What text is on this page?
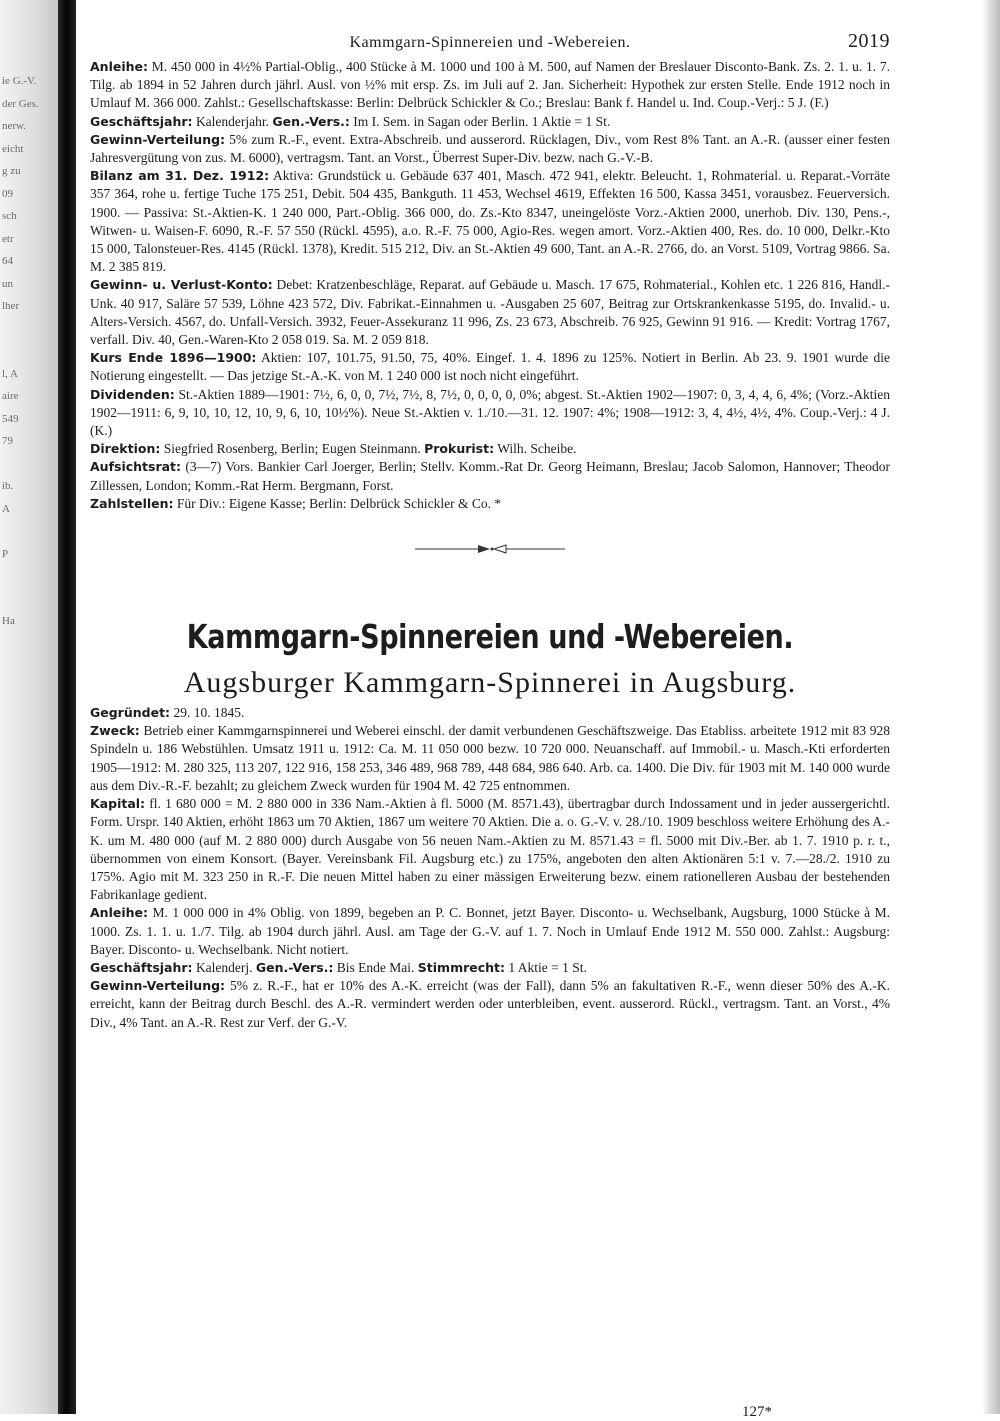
ie G.-V.
der Ges.
nerw.
eicht
g zu
09
sch
etr
64
un
lher

l, A
aire
549
79

ib.
A

P

Ha
Kammgarn-Spinnereien und -Webereien.	2019

Anleihe: M. 450 000 in 4½% Partial-Oblig., 400 Stücke à M. 1000 und 100 à M. 500, auf Namen der Breslauer Disconto-Bank. Zs. 2. 1. u. 1. 7. Tilg. ab 1894 in 52 Jahren durch jährl. Ausl. von ½% mit ersp. Zs. im Juli auf 2. Jan. Sicherheit: Hypothek zur ersten Stelle. Ende 1912 noch in Umlauf M. 366 000. Zahlst.: Gesellschaftskasse: Berlin: Delbrück Schickler & Co.; Breslau: Bank f. Handel u. Ind. Coup.-Verj.: 5 J. (F.)

Geschäftsjahr: Kalenderjahr. Gen.-Vers.: Im I. Sem. in Sagan oder Berlin. 1 Aktie = 1 St.

Gewinn-Verteilung: 5% zum R.-F., event. Extra-Abschreib. und ausserord. Rücklagen, Div., vom Rest 8% Tant. an A.-R. (ausser einer festen Jahresvergütung von zus. M. 6000), vertragsm. Tant. an Vorst., Überrest Super-Div. bezw. nach G.-V.-B.

Bilanz am 31. Dez. 1912: Aktiva: Grundstück u. Gebäude 637 401, Masch. 472 941, elektr. Beleucht. 1, Rohmaterial. u. Reparat.-Vorräte 357 364, rohe u. fertige Tuche 175 251, Debit. 504 435, Bankguth. 11 453, Wechsel 4619, Effekten 16 500, Kassa 3451, vorausbez. Feuerversich. 1900. — Passiva: St.-Aktien-K. 1 240 000, Part.-Oblig. 366 000, do. Zs.-Kto 8347, uneingelöste Vorz.-Aktien 2000, unerhob. Div. 130, Pens.-, Witwen- u. Waisen-F. 6090, R.-F. 57 550 (Rückl. 4595), a.o. R.-F. 75 000, Agio-Res. wegen amort. Vorz.-Aktien 400, Res. do. 10 000, Delkr.-Kto 15 000, Talonsteuer-Res. 4145 (Rückl. 1378), Kredit. 515 212, Div. an St.-Aktien 49 600, Tant. an A.-R. 2766, do. an Vorst. 5109, Vortrag 9866. Sa. M. 2 385 819.

Gewinn- u. Verlust-Konto: Debet: Kratzenbeschläge, Reparat. auf Gebäude u. Masch. 17 675, Rohmaterial., Kohlen etc. 1 226 816, Handl.-Unk. 40 917, Saläre 57 539, Löhne 423 572, Div. Fabrikat.-Einnahmen u. -Ausgaben 25 607, Beitrag zur Ortskrankenkasse 5195, do. Invalid.- u. Alters-Versich. 4567, do. Unfall-Versich. 3932, Feuer-Assekuranz 11 996, Zs. 23 673, Abschreib. 76 925, Gewinn 91 916. — Kredit: Vortrag 1767, verfall. Div. 40, Gen.-Waren-Kto 2 058 019. Sa. M. 2 059 818.

Kurs Ende 1896—1900: Aktien: 107, 101.75, 91.50, 75, 40%. Eingef. 1. 4. 1896 zu 125%. Notiert in Berlin. Ab 23. 9. 1901 wurde die Notierung eingestellt. — Das jetzige St.-A.-K. von M. 1 240 000 ist noch nicht eingeführt.

Dividenden: St.-Aktien 1889—1901: 7½, 6, 0, 0, 7½, 7½, 8, 7½, 0, 0, 0, 0, 0%; abgest. St.-Aktien 1902—1907: 0, 3, 4, 4, 6, 4%; (Vorz.-Aktien 1902—1911: 6, 9, 10, 10, 12, 10, 9, 6, 10, 10½%). Neue St.-Aktien v. 1./10.—31. 12. 1907: 4%; 1908—1912: 3, 4, 4½, 4½, 4%. Coup.-Verj.: 4 J. (K.)

Direktion: Siegfried Rosenberg, Berlin; Eugen Steinmann. Prokurist: Wilh. Scheibe.

Aufsichtsrat: (3—7) Vors. Bankier Carl Joerger, Berlin; Stellv. Komm.-Rat Dr. Georg Heimann, Breslau; Jacob Salomon, Hannover; Theodor Zillessen, London; Komm.-Rat Herm. Bergmann, Forst.

Zahlstellen: Für Div.: Eigene Kasse; Berlin: Delbrück Schickler & Co. *

Kammgarn-Spinnereien und -Webereien.
Augsburger Kammgarn-Spinnerei in Augsburg.

Gegründet: 29. 10. 1845.

Zweck: Betrieb einer Kammgarnspinnerei und Weberei einschl. der damit verbundenen Geschäftszweige. Das Etabliss. arbeitete 1912 mit 83 928 Spindeln u. 186 Webstühlen. Umsatz 1911 u. 1912: Ca. M. 11 050 000 bezw. 10 720 000. Neuanschaff. auf Immobil.- u. Masch.-Kti erforderten 1905—1912: M. 280 325, 113 207, 122 916, 158 253, 346 489, 968 789, 448 684, 986 640. Arb. ca. 1400. Die Div. für 1903 mit M. 140 000 wurde aus dem Div.-R.-F. bezahlt; zu gleichem Zweck wurden für 1904 M. 42 725 entnommen.

Kapital: fl. 1 680 000 = M. 2 880 000 in 336 Nam.-Aktien à fl. 5000 (M. 8571.43), übertragbar durch Indossament und in jeder aussergerichtl. Form. Urspr. 140 Aktien, erhöht 1863 um 70 Aktien, 1867 um weitere 70 Aktien. Die a. o. G.-V. v. 28./10. 1909 beschloss weitere Erhöhung des A.-K. um M. 480 000 (auf M. 2 880 000) durch Ausgabe von 56 neuen Nam.-Aktien zu M. 8571.43 = fl. 5000 mit Div.-Ber. ab 1. 7. 1910 p. r. t., übernommen von einem Konsort. (Bayer. Vereinsbank Fil. Augsburg etc.) zu 175%, angeboten den alten Aktionären 5:1 v. 7.—28./2. 1910 zu 175%. Agio mit M. 323 250 in R.-F. Die neuen Mittel haben zu einer mässigen Erweiterung bezw. einem rationelleren Ausbau der bestehenden Fabrikanlage gedient.

Anleihe: M. 1 000 000 in 4% Oblig. von 1899, begeben an P. C. Bonnet, jetzt Bayer. Disconto- u. Wechselbank, Augsburg, 1000 Stücke à M. 1000. Zs. 1. 1. u. 1./7. Tilg. ab 1904 durch jährl. Ausl. am Tage der G.-V. auf 1. 7. Noch in Umlauf Ende 1912 M. 550 000. Zahlst.: Augsburg: Bayer. Disconto- u. Wechselbank. Nicht notiert.

Geschäftsjahr: Kalenderj. Gen.-Vers.: Bis Ende Mai. Stimmrecht: 1 Aktie = 1 St.

Gewinn-Verteilung: 5% z. R.-F., hat er 10% des A.-K. erreicht (was der Fall), dann 5% an fakultativen R.-F., wenn dieser 50% des A.-K. erreicht, kann der Beitrag durch Beschl. des A.-R. vermindert werden oder unterbleiben, event. ausserord. Rückl., vertragsm. Tant. an Vorst., 4% Div., 4% Tant. an A.-R. Rest zur Verf. der G.-V.

127*
